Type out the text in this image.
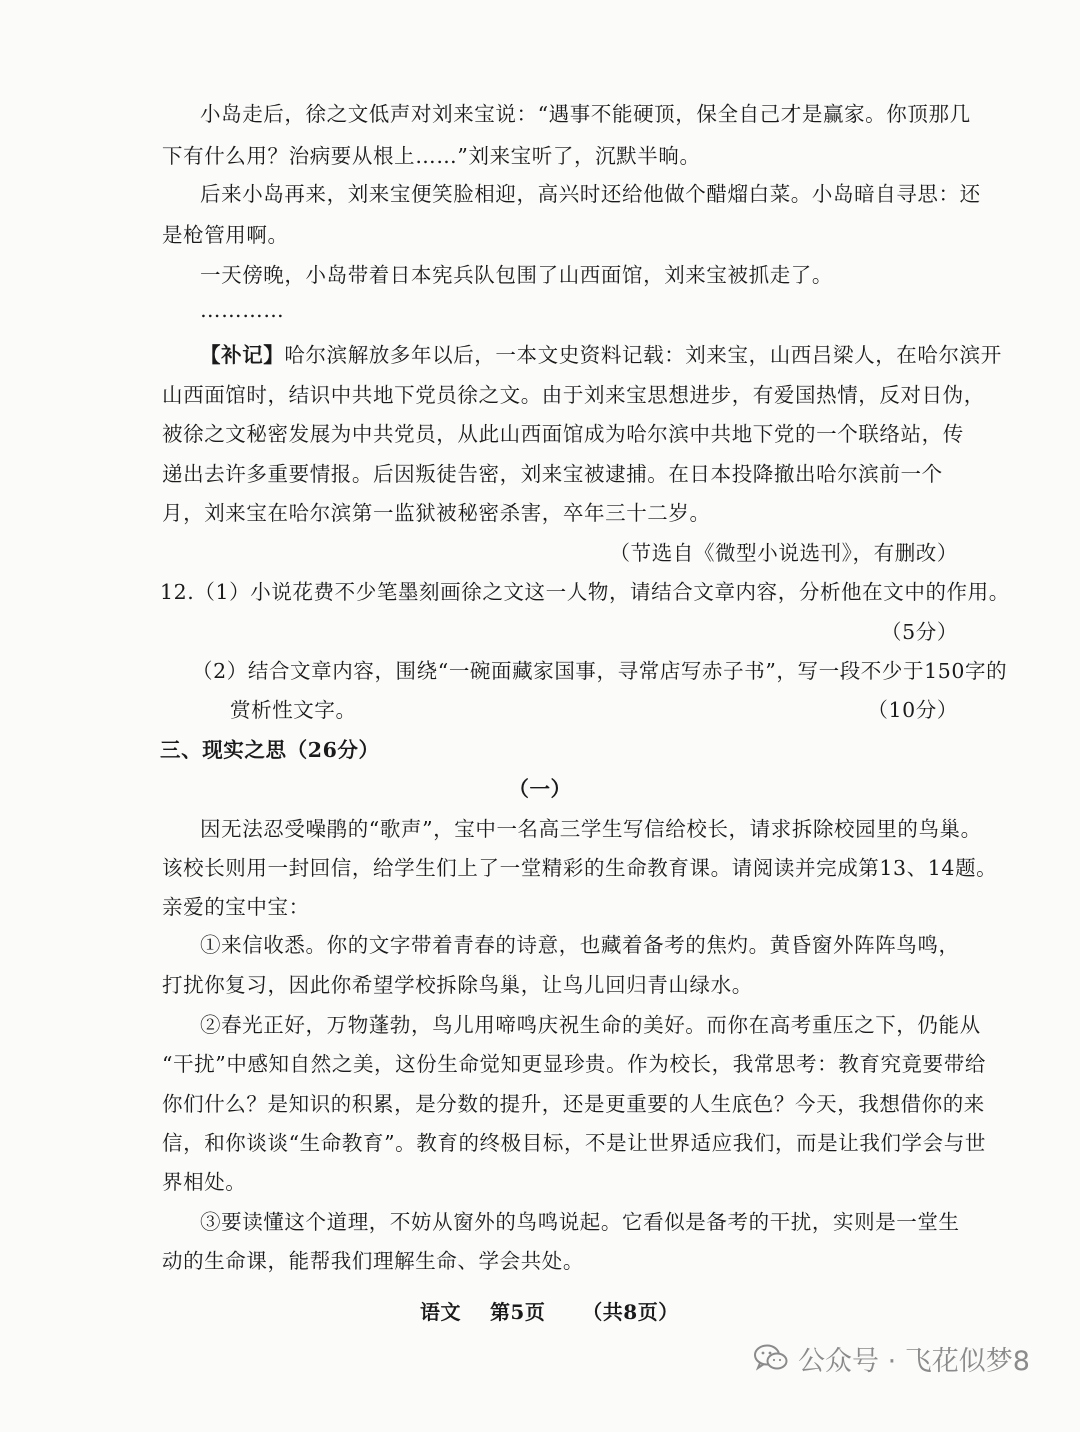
小岛走后，徐之文低声对刘来宝说：“遇事不能硬顶，保全自己才是赢家。你顶那几
下有什么用？治病要从根上……”刘来宝听了，沉默半晌。
后来小岛再来，刘来宝便笑脸相迎，高兴时还给他做个醋熘白菜。小岛暗自寻思：还
是枪管用啊。
一天傍晚，小岛带着日本宪兵队包围了山西面馆，刘来宝被抓走了。
…………
【补记】哈尔滨解放多年以后，一本文史资料记载：刘来宝，山西吕梁人，在哈尔滨开
山西面馆时，结识中共地下党员徐之文。由于刘来宝思想进步，有爱国热情，反对日伪，
被徐之文秘密发展为中共党员，从此山西面馆成为哈尔滨中共地下党的一个联络站，传
递出去许多重要情报。后因叛徒告密，刘来宝被逮捕。在日本投降撤出哈尔滨前一个
月，刘来宝在哈尔滨第一监狱被秘密杀害，卒年三十二岁。
（节选自《微型小说选刊》，有删改）
12.（1）小说花费不少笔墨刻画徐之文这一人物，请结合文章内容，分析他在文中的作用。
（5分）
（2）结合文章内容，围绕“一碗面藏家国事，寻常店写赤子书”，写一段不少于150字的
赏析性文字。	（10分）
三、现实之思（26分）
（一）
因无法忍受噪鹃的“歌声”，宝中一名高三学生写信给校长，请求拆除校园里的鸟巢。
该校长则用一封回信，给学生们上了一堂精彩的生命教育课。请阅读并完成第13、14题。
亲爱的宝中宝：
①来信收悉。你的文字带着青春的诗意，也藏着备考的焦灼。黄昏窗外阵阵鸟鸣，
打扰你复习，因此你希望学校拆除鸟巢，让鸟儿回归青山绿水。
②春光正好，万物蓬勃，鸟儿用啼鸣庆祝生命的美好。而你在高考重压之下，仍能从
“干扰”中感知自然之美，这份生命觉知更显珍贵。作为校长，我常思考：教育究竟要带给
你们什么？是知识的积累，是分数的提升，还是更重要的人生底色？今天，我想借你的来
信，和你谈谈“生命教育”。教育的终极目标，不是让世界适应我们，而是让我们学会与世
界相处。
③要读懂这个道理，不妨从窗外的鸟鸣说起。它看似是备考的干扰，实则是一堂生
动的生命课，能帮我们理解生命、学会共处。
语文 第5页 （共8页）
公众号 · 飞花似梦8
